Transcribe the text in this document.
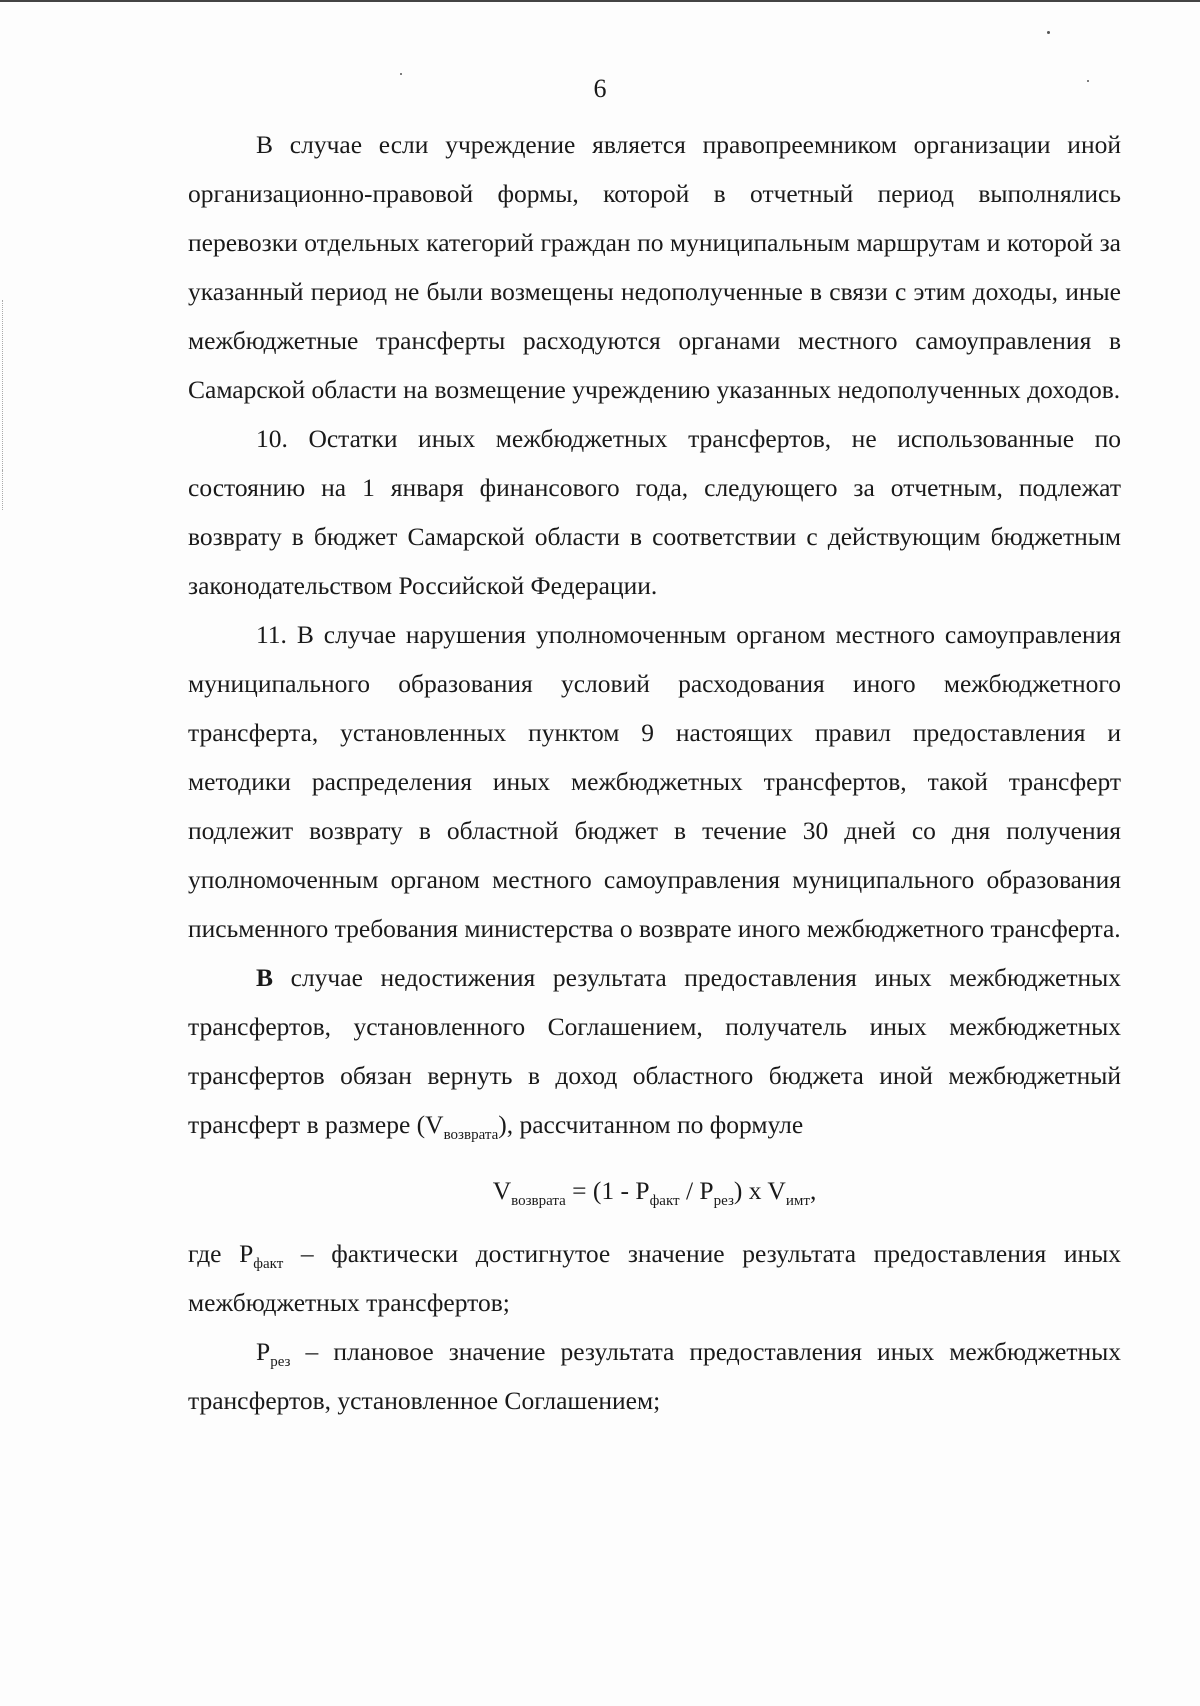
6

В случае если учреждение является правопреемником организации иной организационно-правовой формы, которой в отчетный период выполнялись перевозки отдельных категорий граждан по муниципальным маршрутам и которой за указанный период не были возмещены недополученные в связи с этим доходы, иные межбюджетные трансферты расходуются органами местного самоуправления в Самарской области на возмещение учреждению указанных недополученных доходов.

10. Остатки иных межбюджетных трансфертов, не использованные по состоянию на 1 января финансового года, следующего за отчетным, подлежат возврату в бюджет Самарской области в соответствии с действующим бюджетным законодательством Российской Федерации.

11. В случае нарушения уполномоченным органом местного самоуправления муниципального образования условий расходования иного межбюджетного трансферта, установленных пунктом 9 настоящих правил предоставления и методики распределения иных межбюджетных трансфертов, такой трансферт подлежит возврату в областной бюджет в течение 30 дней со дня получения уполномоченным органом местного самоуправления муниципального образования письменного требования министерства о возврате иного межбюджетного трансферта.

В случае недостижения результата предоставления иных межбюджетных трансфертов, установленного Соглашением, получатель иных межбюджетных трансфертов обязан вернуть в доход областного бюджета иной межбюджетный трансферт в размере $(V_{возврата})$, рассчитанном по формуле

$V_{возврата} = (1 - P_{факт} / P_{рез})$ x $V_{имт}$,

где $P_{факт}$ – фактически достигнутое значение результата предоставления иных межбюджетных трансфертов;

$P_{рез}$ – плановое значение результата предоставления иных межбюджетных трансфертов, установленное Соглашением;
